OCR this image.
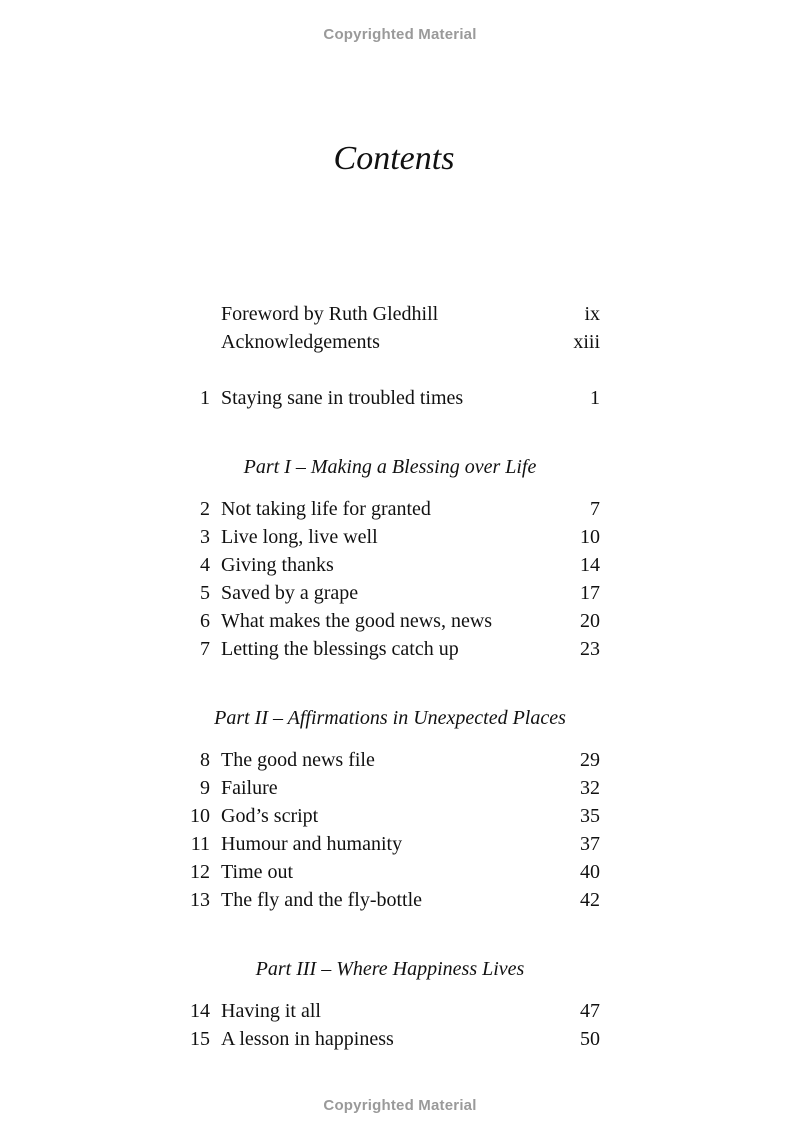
Copyrighted Material
Contents
Foreword by Ruth Gledhill	ix
Acknowledgements	xiii
1 Staying sane in troubled times	1
Part I – Making a Blessing over Life
2 Not taking life for granted	7
3 Live long, live well	10
4 Giving thanks	14
5 Saved by a grape	17
6 What makes the good news, news	20
7 Letting the blessings catch up	23
Part II – Affirmations in Unexpected Places
8 The good news file	29
9 Failure	32
10 God’s script	35
11 Humour and humanity	37
12 Time out	40
13 The fly and the fly-bottle	42
Part III – Where Happiness Lives
14 Having it all	47
15 A lesson in happiness	50
Copyrighted Material
